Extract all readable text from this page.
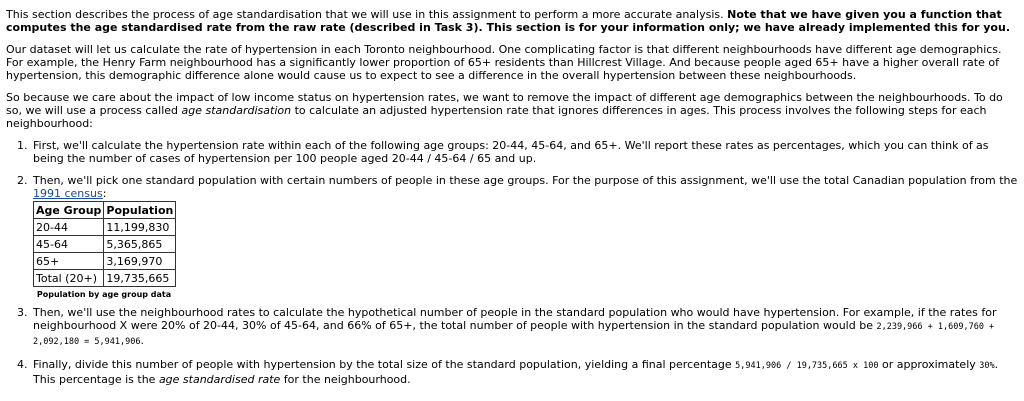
This section describes the process of age standardisation that we will use in this assignment to perform a more accurate analysis. Note that we have given you a function that computes the age standardised rate from the raw rate (described in Task 3). This section is for your information only; we have already implemented this for you.

Our dataset will let us calculate the rate of hypertension in each Toronto neighbourhood. One complicating factor is that different neighbourhoods have different age demographics. For example, the Henry Farm neighbourhood has a significantly lower proportion of 65+ residents than Hillcrest Village. And because people aged 65+ have a higher overall rate of hypertension, this demographic difference alone would cause us to expect to see a difference in the overall hypertension between these neighbourhoods.

So because we care about the impact of low income status on hypertension rates, we want to remove the impact of different age demographics between the neighbourhoods. To do so, we will use a process called age standardisation to calculate an adjusted hypertension rate that ignores differences in ages. This process involves the following steps for each neighbourhood:

1. First, we'll calculate the hypertension rate within each of the following age groups: 20-44, 45-64, and 65+. We'll report these rates as percentages, which you can think of as being the number of cases of hypertension per 100 people aged 20-44 / 45-64 / 65 and up.
2. Then, we'll pick one standard population with certain numbers of people in these age groups. For the purpose of this assignment, we'll use the total Canadian population from the 1991 census:
Age Group	Population
20-44	11,199,830
45-64	5,365,865
65+	3,169,970
Total (20+)	19,735,665
Population by age group data
3. Then, we'll use the neighbourhood rates to calculate the hypothetical number of people in the standard population who would have hypertension. For example, if the rates for neighbourhood X were 20% of 20-44, 30% of 45-64, and 66% of 65+, the total number of people with hypertension in the standard population would be 2,239,966 + 1,609,760 + 2,092,180 = 5,941,906.
4. Finally, divide this number of people with hypertension by the total size of the standard population, yielding a final percentage 5,941,906 / 19,735,665 x 100 or approximately 30%. This percentage is the age standardised rate for the neighbourhood.
